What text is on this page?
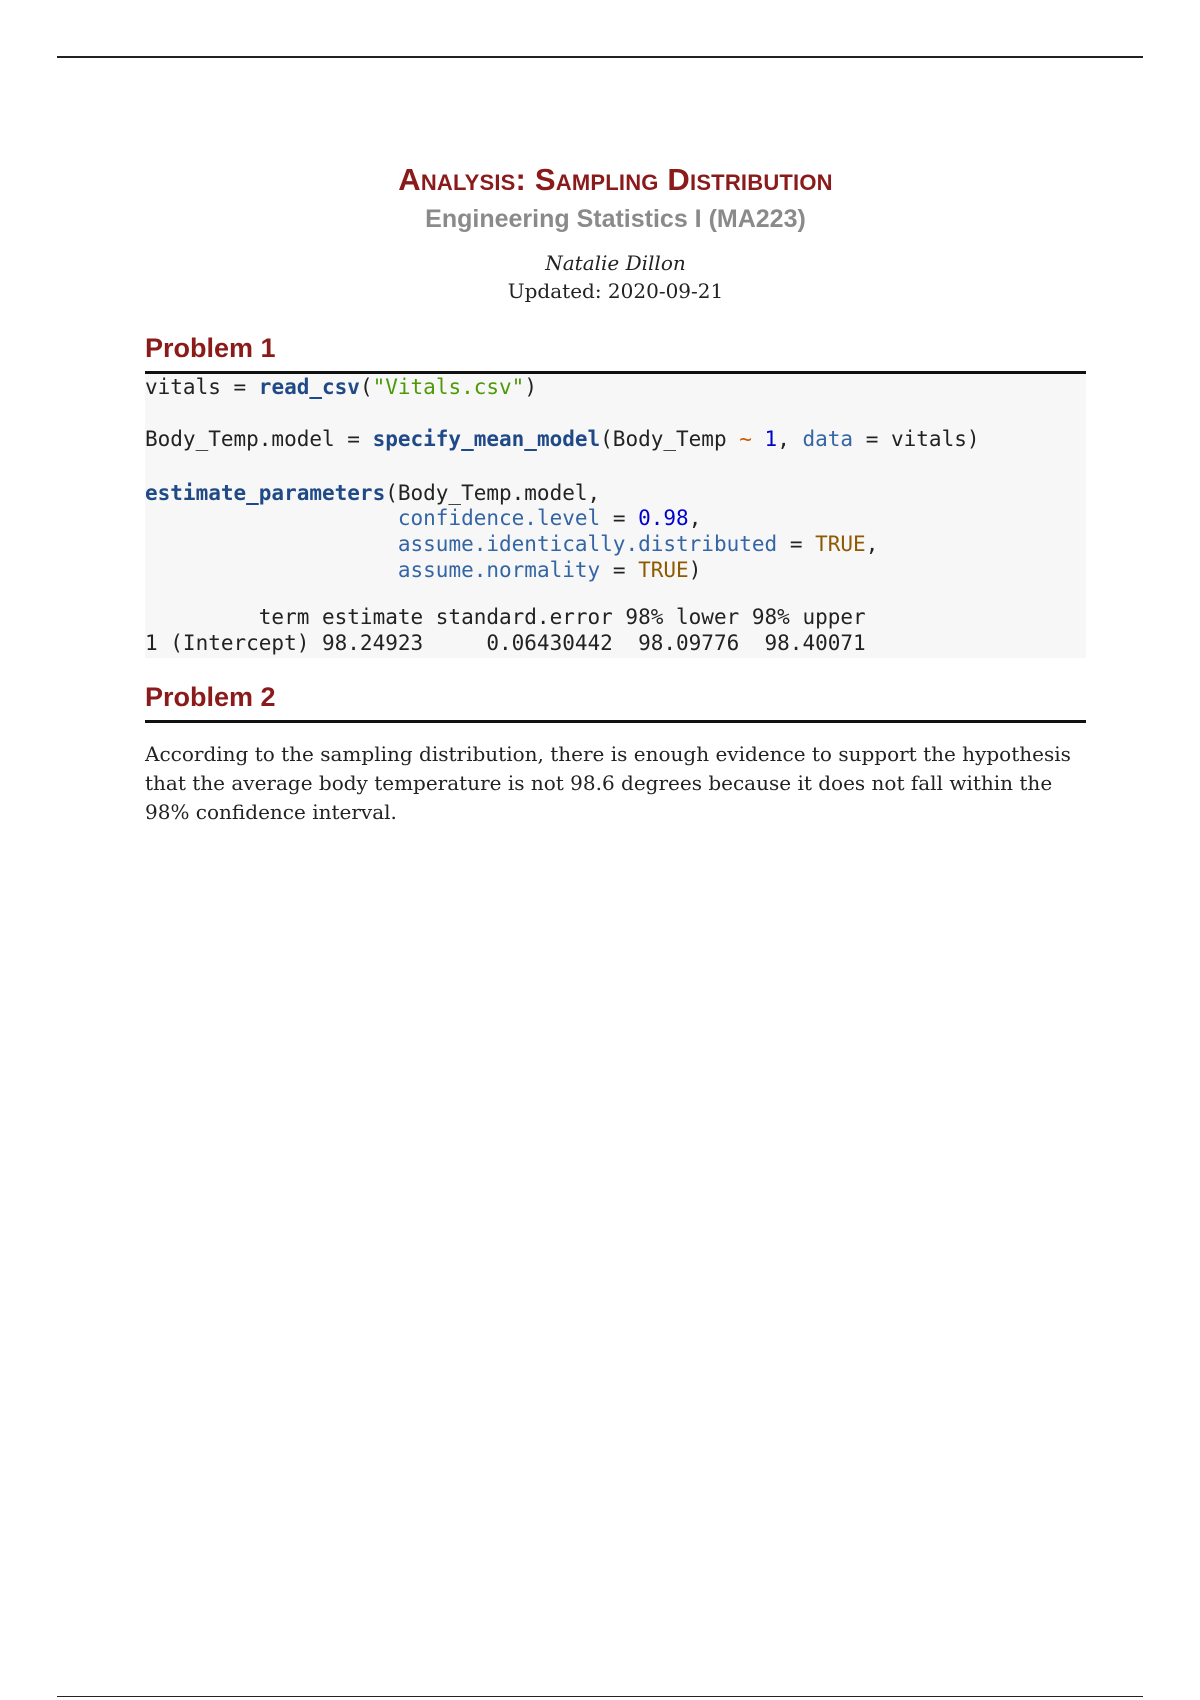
Analysis: Sampling Distribution
Engineering Statistics I (MA223)
Natalie Dillon
Updated: 2020-09-21
Problem 1
vitals = read_csv("Vitals.csv")
Body_Temp.model = specify_mean_model(Body_Temp ~ 1, data = vitals)
estimate_parameters(Body_Temp.model,
confidence.level = 0.98,
assume.identically.distributed = TRUE,
assume.normality = TRUE)
term estimate standard.error 98% lower 98% upper
1 (Intercept) 98.24923     0.06430442  98.09776  98.40071
Problem 2
According to the sampling distribution, there is enough evidence to support the hypothesis that the average body temperature is not 98.6 degrees because it does not fall within the 98% confidence interval.
